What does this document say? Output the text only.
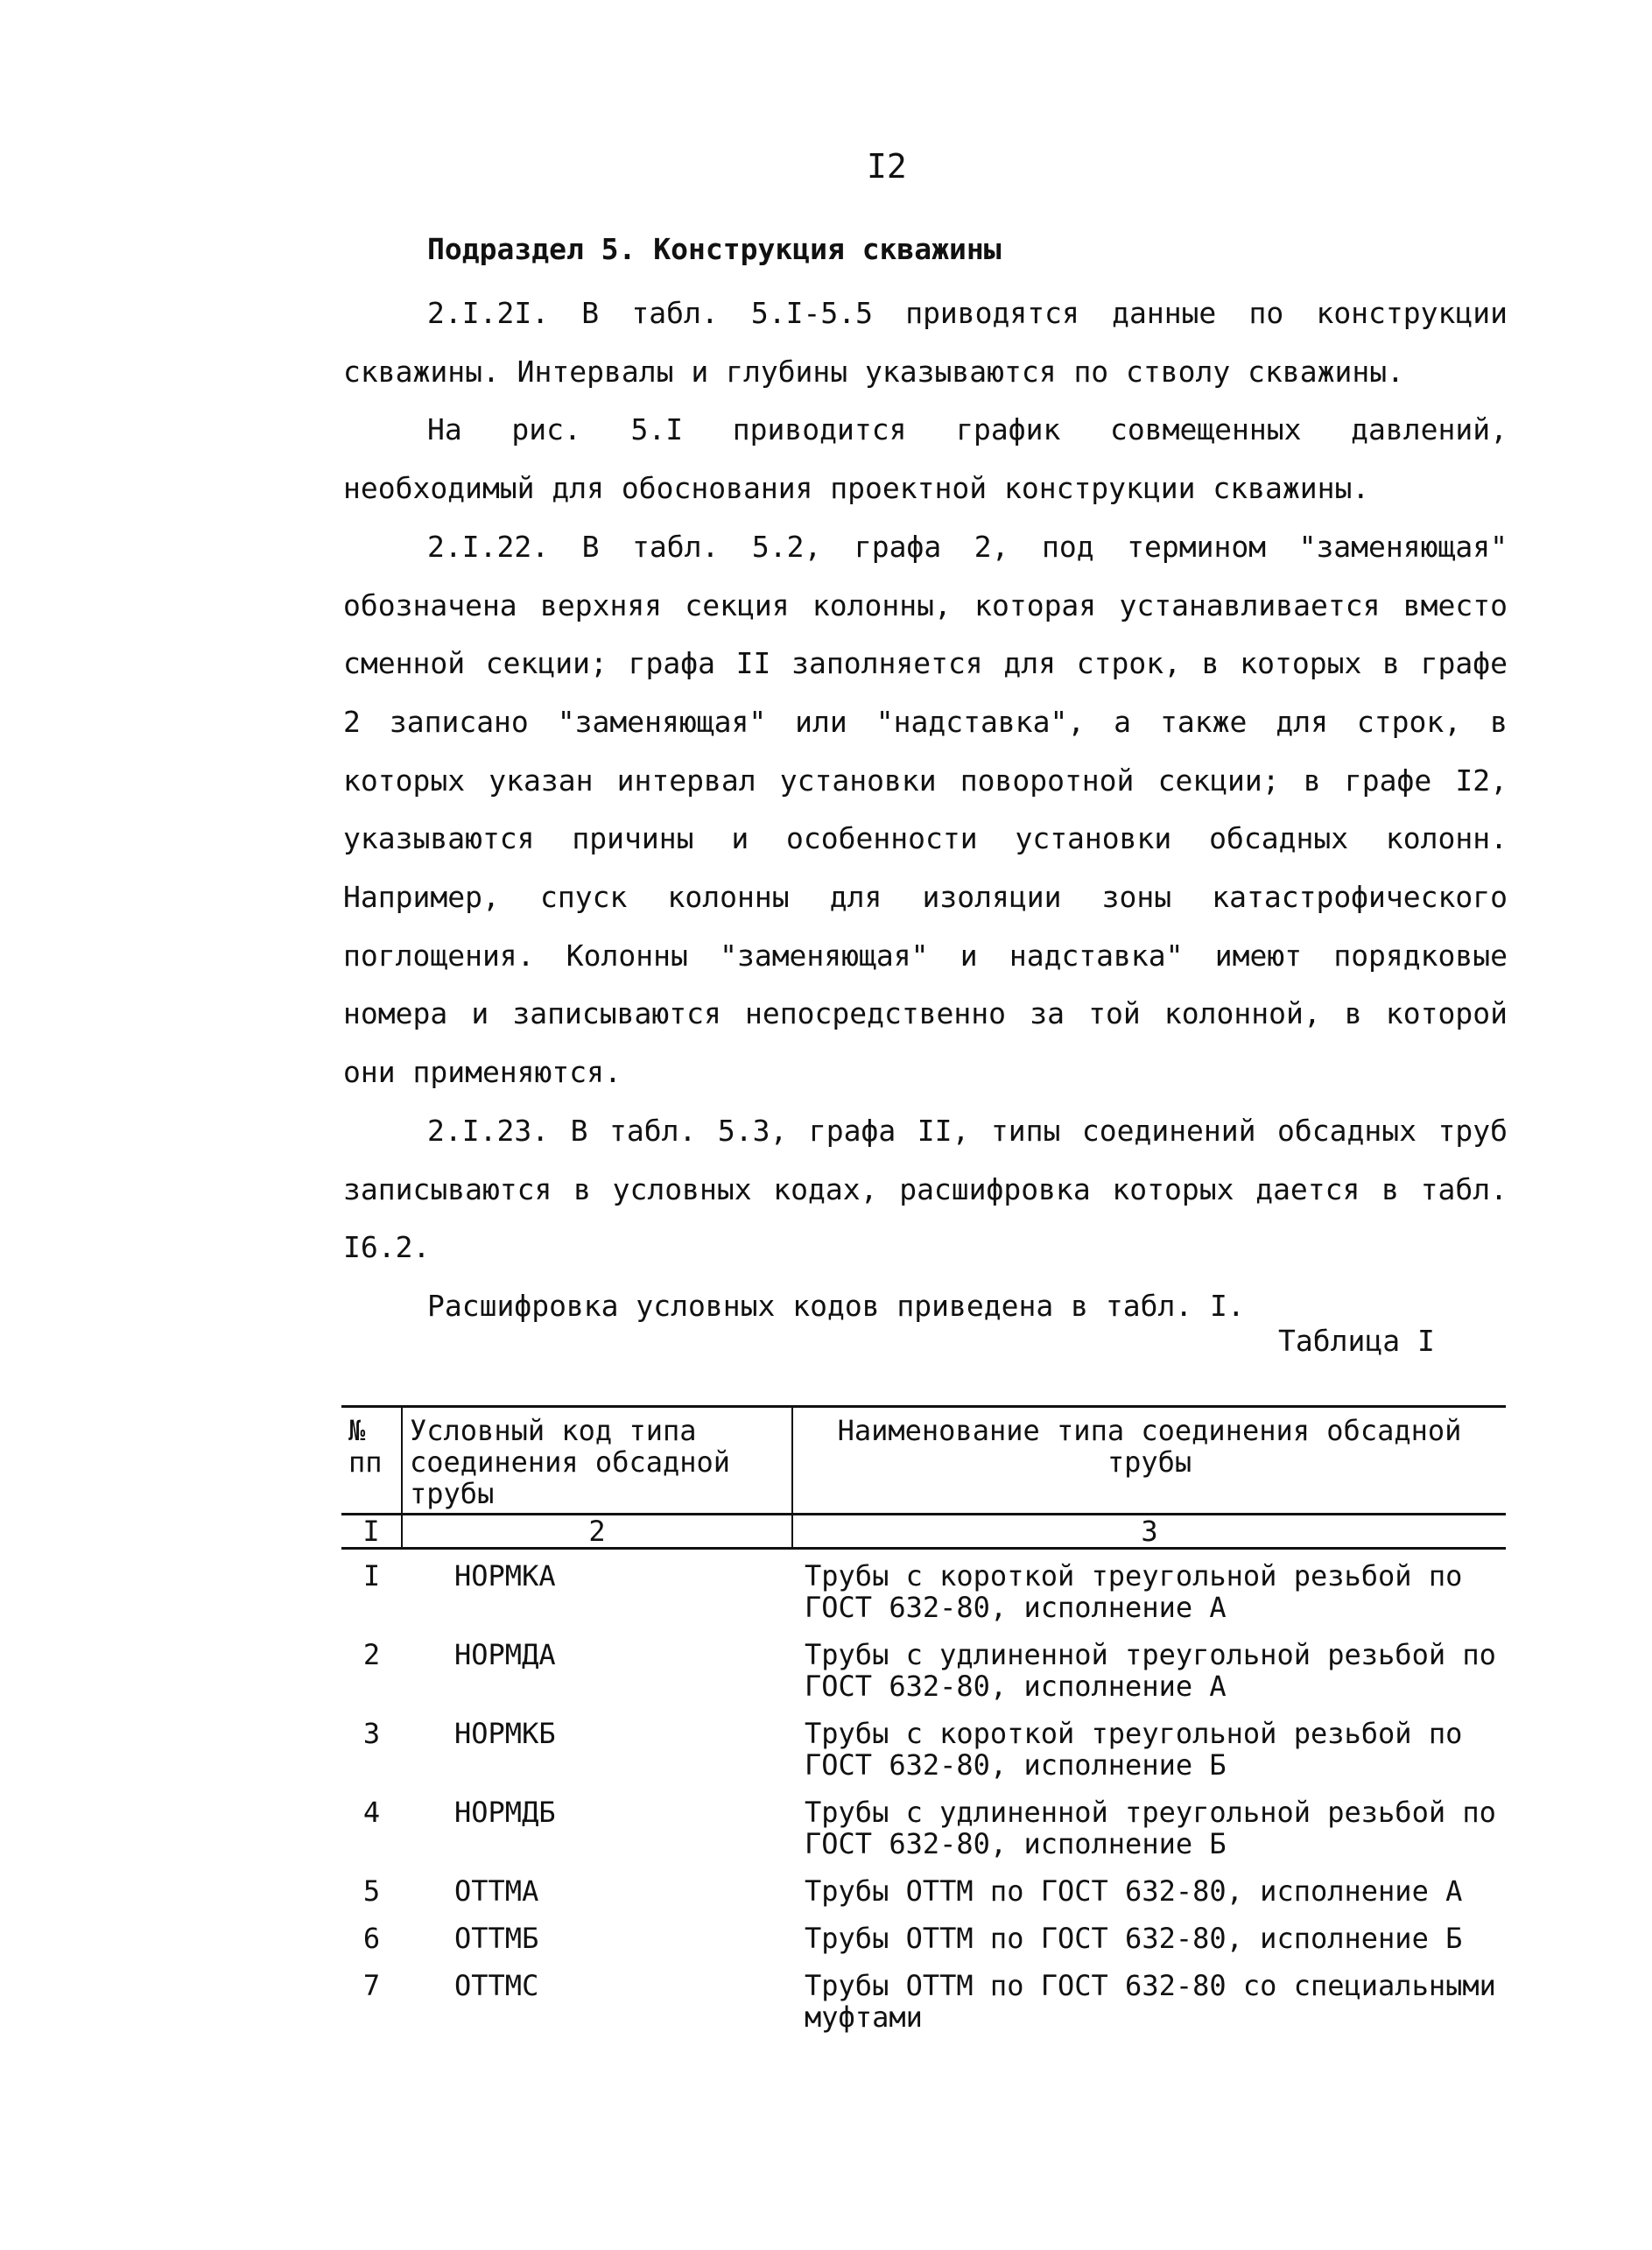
I2
Подраздел 5. Конструкция скважины

2.I.2I. В табл. 5.I-5.5 приводятся данные по конструкции скважины. Интервалы и глубины указываются по стволу скважины.

На рис. 5.I приводится график совмещенных давлений, необходимый для обоснования проектной конструкции скважины.

2.I.22. В табл. 5.2, графа 2, под термином "заменяющая" обозначена верхняя секция колонны, которая устанавливается вместо сменной секции; графа II заполняется для строк, в которых в графе 2 записано "заменяющая" или "надставка", а также для строк, в которых указан интервал установки поворотной секции; в графе I2, указываются причины и особенности установки обсадных колонн. Например, спуск колонны для изоляции зоны катастрофического поглощения. Колонны "заменяющая" и надставка" имеют порядковые номера и записываются непосредственно за той колонной, в которой они применяются.

2.I.23. В табл. 5.3, графа II, типы соединений обсадных труб записываются в условных кодах, расшифровка которых дается в табл. I6.2.

Расшифровка условных кодов приведена в табл. I.

Таблица I
№ пп	Условный код типа соединения обсадной трубы	Наименование типа соединения обсадной трубы
I	2	3
I	НОРМКА	Трубы с короткой треугольной резьбой по ГОСТ 632-80, исполнение А
2	НОРМДА	Трубы с удлиненной треугольной резьбой по ГОСТ 632-80, исполнение А
3	НОРМКБ	Трубы с короткой треугольной резьбой по ГОСТ 632-80, исполнение Б
4	НОРМДБ	Трубы с удлиненной треугольной резьбой по ГОСТ 632-80, исполнение Б
5	ОТТМА	Трубы ОТТМ по ГОСТ 632-80, исполнение А
6	ОТТМБ	Трубы ОТТМ по ГОСТ 632-80, исполнение Б
7	ОТТМС	Трубы ОТТМ по ГОСТ 632-80 со специальными муфтами
